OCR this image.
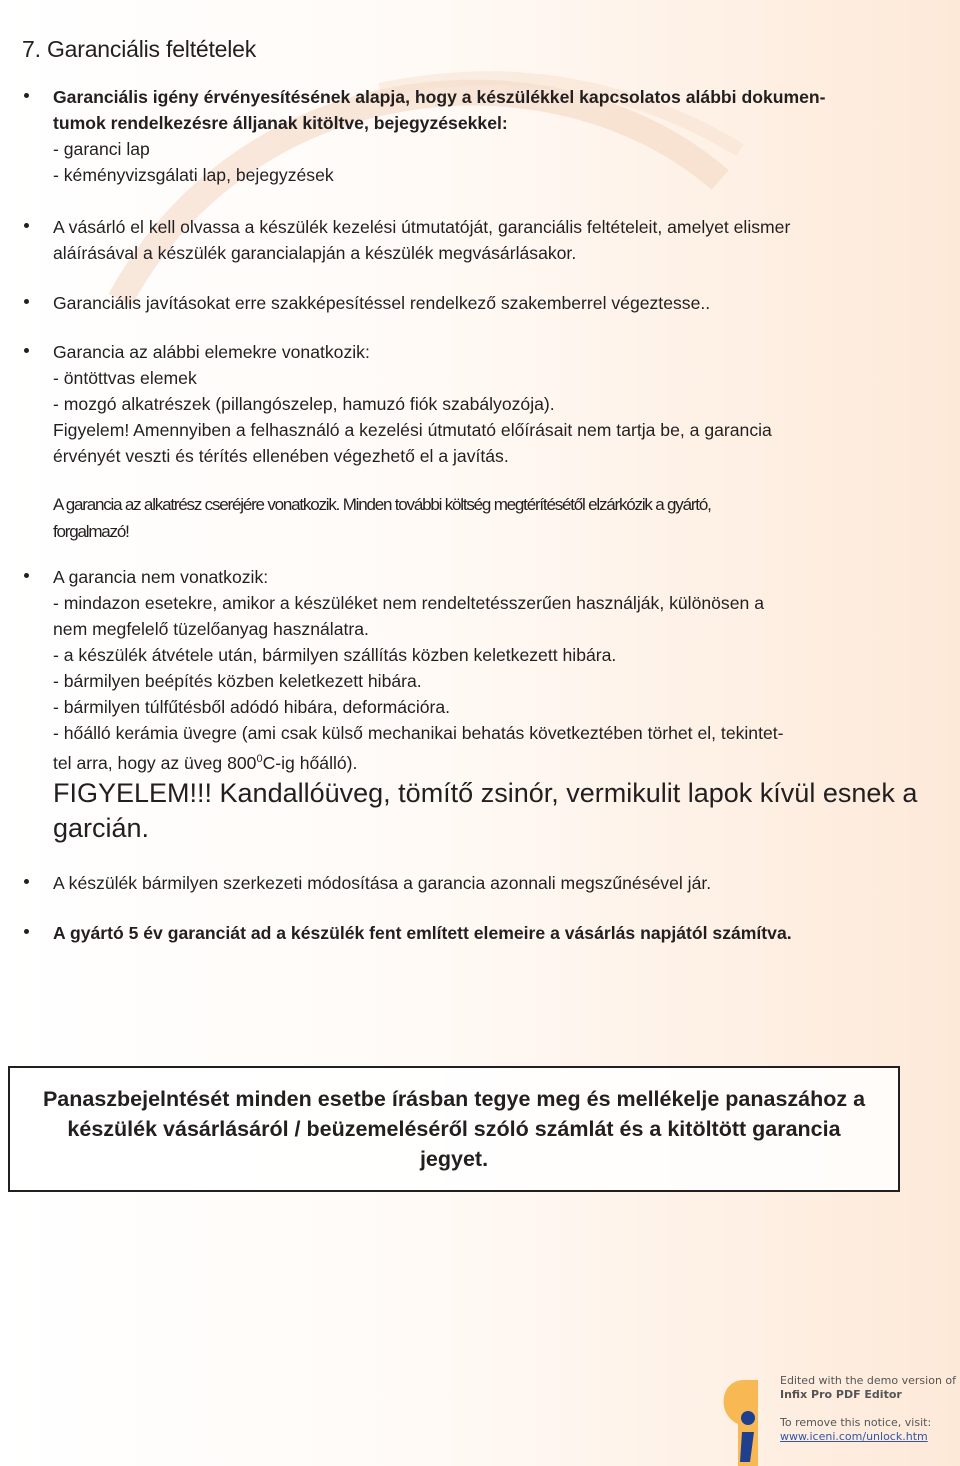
7. Garanciális feltételek
Garanciális igény érvényesítésének alapja, hogy a készülékkel kapcsolatos alábbi dokumen-
tumok rendelkezésre álljanak kitöltve, bejegyzésekkel:
- garanci lap
- kéményvizsgálati lap, bejegyzések
A vásárló el kell olvassa a készülék kezelési útmutatóját, garanciális feltételeit, amelyet elismer
aláírásával a készülék garancialapján a készülék megvásárlásakor.
Garanciális javításokat erre szakképesítéssel rendelkező szakemberrel végeztesse..
Garancia az alábbi elemekre vonatkozik:
- öntöttvas elemek
- mozgó alkatrészek (pillangószelep, hamuzó fiók szabályozója).
Figyelem! Amennyiben a felhasználó a kezelési útmutató előírásait nem tartja be, a garancia
érvényét veszti és térítés ellenében végezhető el a javítás.
A garancia az alkatrész cseréjére vonatkozik. Minden további költség megtérítésétől elzárkózik a gyártó,
forgalmazó!
A garancia nem vonatkozik:
- mindazon esetekre, amikor a készüléket nem rendeltetésszerűen használják, különösen a
nem megfelelő tüzelőanyag használatra.
- a készülék átvétele után, bármilyen szállítás közben keletkezett hibára.
- bármilyen beépítés közben keletkezett hibára.
- bármilyen túlfűtésből adódó hibára, deformációra.
- hőálló kerámia üvegre (ami csak külső mechanikai behatás következtében törhet el, tekintet-
tel arra, hogy az üveg $800^0C-ig$ hőálló).
FIGYELEM!!! Kandallóüveg, tömítő zsinór, vermikulit lapok kívül esnek a
garcián.
A készülék bármilyen szerkezeti módosítása a garancia azonnali megszűnésével jár.
A gyártó 5 év garanciát ad a készülék fent említett elemeire a vásárlás napjától számítva.
Panaszbejelntését minden esetbe írásban tegye meg és mellékelje panaszához a
készülék vásárlásáról / beüzemeléséről szóló számlát és a kitöltött garancia
jegyet.
Edited with the demo version of
Infix Pro PDF Editor
To remove this notice, visit:
www.iceni.com/unlock.htm
